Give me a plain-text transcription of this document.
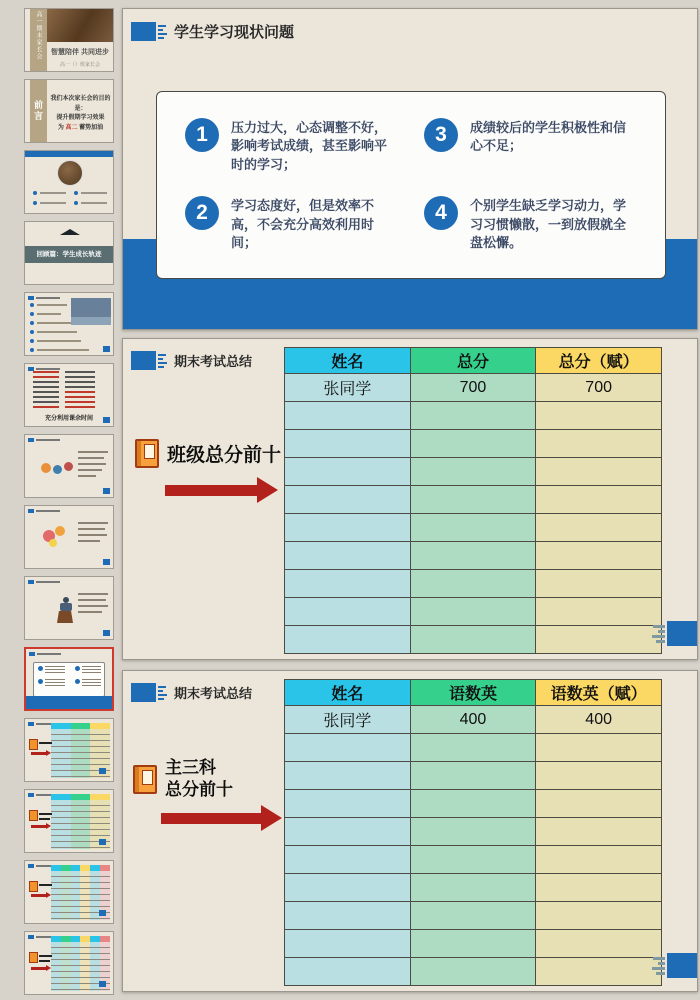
高一期末家长会	智慧陪伴 共同进步
高一（）班家长会
前言
我们本次家长会的目的是：
提升假期学习效果
为 高二 蓄势加油
回顾篇：学生成长轨迹
充分利用课余时间
学生学习现状问题
1	压力过大，心态调整不好，影响考试成绩，甚至影响平时的学习；
3	成绩较后的学生积极性和信心不足；
2	学习态度好，但是效率不高，不会充分高效利用时间；
4	个别学生缺乏学习动力，学习习惯懒散，一到放假就全盘松懈。
期末考试总结
班级总分前十
姓名	总分	总分（赋）
张同学	700	700

期末考试总结
主三科
总分前十
姓名	语数英	语数英（赋）
张同学	400	400
